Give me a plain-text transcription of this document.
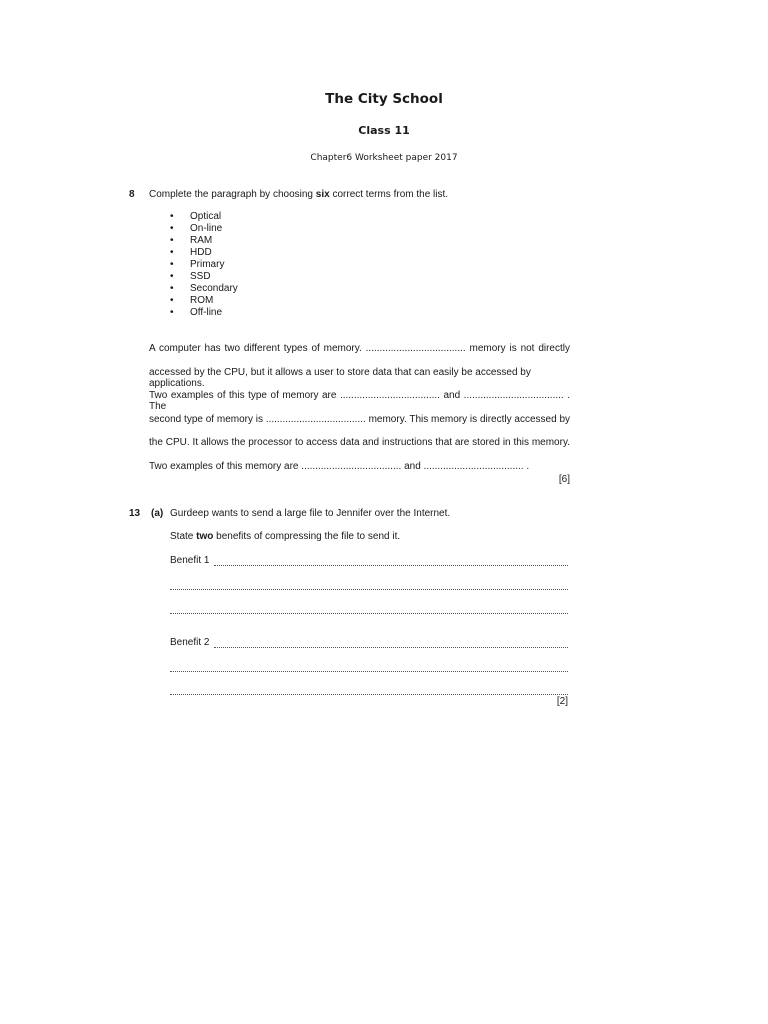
The City School
Class 11
Chapter6 Worksheet paper 2017
8 Complete the paragraph by choosing six correct terms from the list.
• Optical
• On-line
• RAM
• HDD
• Primary
• SSD
• Secondary
• ROM
• Off-line
A computer has two different types of memory. .................................... memory is not directly
accessed by the CPU, but it allows a user to store data that can easily be accessed by applications.
Two examples of this type of memory are .................................... and .................................... . The
second type of memory is .................................... memory. This memory is directly accessed by
the CPU. It allows the processor to access data and instructions that are stored in this memory.
Two examples of this memory are .................................... and .................................... .
[6]
13 (a) Gurdeep wants to send a large file to Jennifer over the Internet.
State two benefits of compressing the file to send it.
Benefit 1
Benefit 2
[2]
